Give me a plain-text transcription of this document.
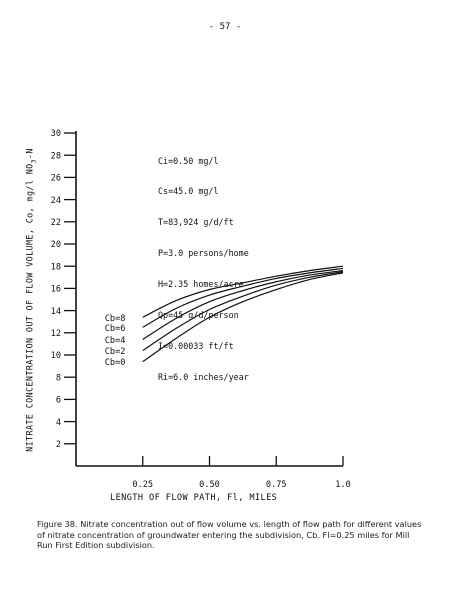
- 57 -
2
4
6
8
10
12
14
16
18
20
22
24
26
28
30
0.25	0.50	0.75	1.0
Cb=8
Cb=6
Cb=4
Cb=2
Cb=0

Ci=0.50 mg/l

Cs=45.0 mg/l

T=83,924 g/d/ft

P=3.0 persons/home

H=2.35 homes/acre

Qp=45 g/d/person

I=0.00033 ft/ft

Ri=6.0 inches/year

NITRATE CONCENTRATION OUT OF FLOW VOLUME, Co, mg/l $NO_3-N$
LENGTH OF FLOW PATH, Fl, MILES
Figure 38. Nitrate concentration out of flow volume vs. length of flow path for different values of nitrate concentration of groundwater entering the subdivision, Cb. Fl=0.25 miles for Mill Run First Edition subdivision.
